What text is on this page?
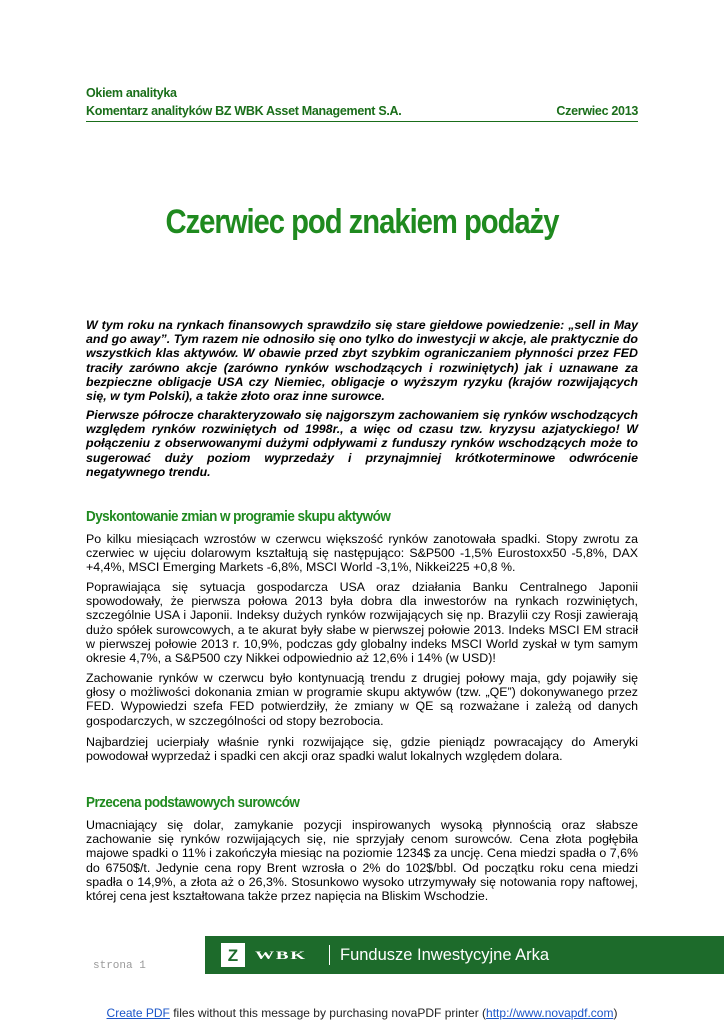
Okiem analityka
Komentarz analityków BZ WBK Asset Management S.A.	Czerwiec 2013
Czerwiec pod znakiem podaży

W tym roku na rynkach finansowych sprawdziło się stare giełdowe powiedzenie: „sell in May and go away”. Tym razem nie odnosiło się ono tylko do inwestycji w akcje, ale praktycznie do wszystkich klas aktywów. W obawie przed zbyt szybkim ograniczaniem płynności przez FED traciły zarówno akcje (zarówno rynków wschodzących i rozwiniętych) jak i uznawane za bezpieczne obligacje USA czy Niemiec, obligacje o wyższym ryzyku (krajów rozwijających się, w tym Polski), a także złoto oraz inne surowce.

Pierwsze półrocze charakteryzowało się najgorszym zachowaniem się rynków wschodzących względem rynków rozwiniętych od 1998r., a więc od czasu tzw. kryzysu azjatyckiego! W połączeniu z obserwowanymi dużymi odpływami z funduszy rynków wschodzących może to sugerować duży poziom wyprzedaży i przynajmniej krótkoterminowe odwrócenie negatywnego trendu.

Dyskontowanie zmian w programie skupu aktywów

Po kilku miesiącach wzrostów w czerwcu większość rynków zanotowała spadki. Stopy zwrotu za czerwiec w ujęciu dolarowym kształtują się następująco: S&P500 -1,5% Eurostoxx50 -5,8%, DAX +4,4%, MSCI Emerging Markets -6,8%, MSCI World -3,1%, Nikkei225 +0,8 %.

Poprawiająca się sytuacja gospodarcza USA oraz działania Banku Centralnego Japonii spowodowały, że pierwsza połowa 2013 była dobra dla inwestorów na rynkach rozwiniętych, szczególnie USA i Japonii. Indeksy dużych rynków rozwijających się np. Brazylii czy Rosji zawierają dużo spółek surowcowych, a te akurat były słabe w pierwszej połowie 2013. Indeks MSCI EM stracił w pierwszej połowie 2013 r. 10,9%, podczas gdy globalny indeks MSCI World zyskał w tym samym okresie 4,7%, a S&P500 czy Nikkei odpowiednio aż 12,6% i 14% (w USD)!

Zachowanie rynków w czerwcu było kontynuacją trendu z drugiej połowy maja, gdy pojawiły się głosy o możliwości dokonania zmian w programie skupu aktywów (tzw. „QE”) dokonywanego przez FED. Wypowiedzi szefa FED potwierdziły, że zmiany w QE są rozważane i zależą od danych gospodarczych, w szczególności od stopy bezrobocia.

Najbardziej ucierpiały właśnie rynki rozwijające się, gdzie pieniądz powracający do Ameryki powodował wyprzedaż i spadki cen akcji oraz spadki walut lokalnych względem dolara.

Przecena podstawowych surowców

Umacniający się dolar, zamykanie pozycji inspirowanych wysoką płynnością oraz słabsze zachowanie się rynków rozwijających się, nie sprzyjały cenom surowców. Cena złota pogłębiła majowe spadki o 11% i zakończyła miesiąc na poziomie 1234$ za uncję. Cena miedzi spadła o 7,6% do 6750$/t. Jedynie cena ropy Brent wzrosła o 2% do 102$/bbl. Od początku roku cena miedzi spadła o 14,9%, a złota aż o 26,3%. Stosunkowo wysoko utrzymywały się notowania ropy naftowej, której cena jest kształtowana także przez napięcia na Bliskim Wschodzie.

Z WBK	Fundusze Inwestycyjne Arka
strona 1
Create PDF files without this message by purchasing novaPDF printer (http://www.novapdf.com)
